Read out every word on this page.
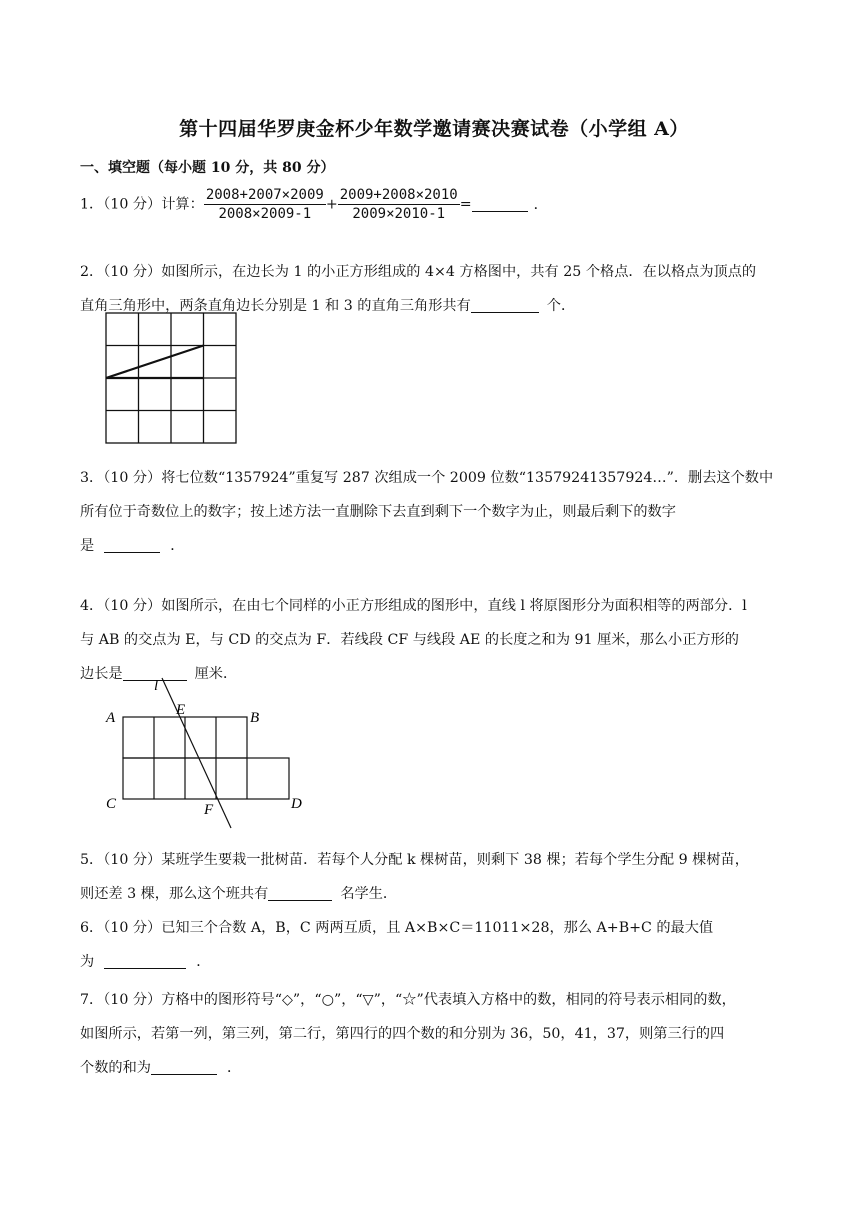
第十四届华罗庚金杯少年数学邀请赛决赛试卷（小学组 A）
一、填空题（每小题 10 分，共 80 分）
1．（10 分）计算： $\frac{2008+2007\times 2009}{2008\times 2009-1} + \frac{2009+2008\times 2010}{2009\times 2010-1}$ =	．

2．（10 分）如图所示，在边长为 1 的小正方形组成的 4×4 方格图中，共有 25 个格点．在以格点为顶点的

直角三角形中，两条直角边长分别是 1 和 3 的直角三角形共有	个．

3．（10 分）将七位数“1357924”重复写 287 次组成一个 2009 位数“13579241357924…”．删去这个数中

所有位于奇数位上的数字；按上述方法一直删除下去直到剩下一个数字为止，则最后剩下的数字

是	．

4．（10 分）如图所示，在由七个同样的小正方形组成的图形中，直线 l 将原图形分为面积相等的两部分．l

与 AB 的交点为 E，与 CD 的交点为 F．若线段 CF 与线段 AE 的长度之和为 91 厘米，那么小正方形的

边长是	厘米．

l
A	E	B
C	F	D

5．（10 分）某班学生要栽一批树苗．若每个人分配 k 棵树苗，则剩下 38 棵；若每个学生分配 9 棵树苗，

则还差 3 棵，那么这个班共有	名学生．

6．（10 分）已知三个合数 A，B，C 两两互质，且 A×B×C＝11011×28，那么 A+B+C 的最大值

为	．

7．（10 分）方格中的图形符号“◇”，“○”，“▽”，“☆”代表填入方格中的数，相同的符号表示相同的数，

如图所示，若第一列，第三列，第二行，第四行的四个数的和分别为 36，50，41，37，则第三行的四

个数的和为	．
